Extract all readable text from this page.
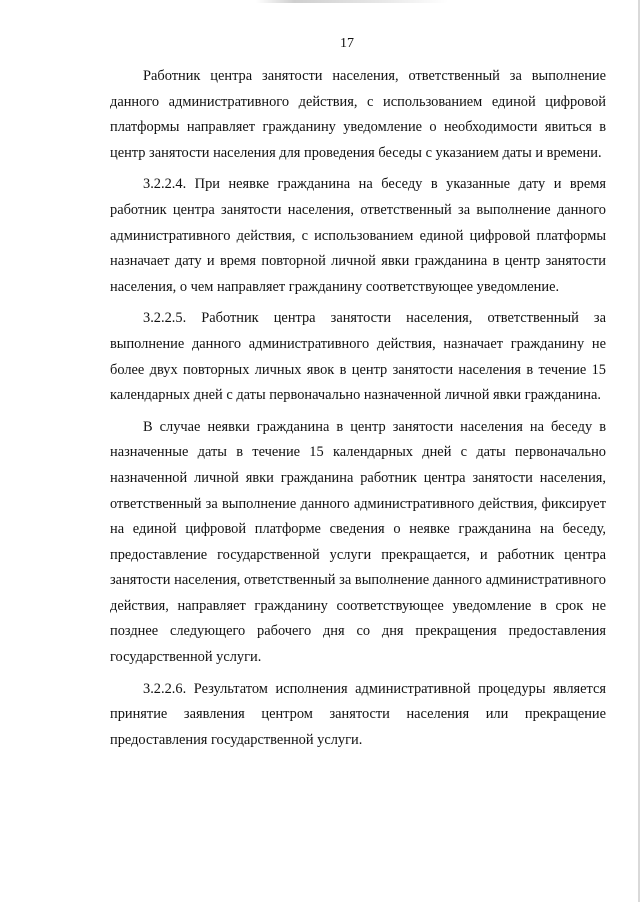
17

Работник центра занятости населения, ответственный за выполнение данного административного действия, с использованием единой цифровой платформы направляет гражданину уведомление о необходимости явиться в центр занятости населения для проведения беседы с указанием даты и времени.

3.2.2.4. При неявке гражданина на беседу в указанные дату и время работник центра занятости населения, ответственный за выполнение данного административного действия, с использованием единой цифровой платформы назначает дату и время повторной личной явки гражданина в центр занятости населения, о чем направляет гражданину соответствующее уведомление.

3.2.2.5. Работник центра занятости населения, ответственный за выполнение данного административного действия, назначает гражданину не более двух повторных личных явок в центр занятости населения в течение 15 календарных дней с даты первоначально назначенной личной явки гражданина.

В случае неявки гражданина в центр занятости населения на беседу в назначенные даты в течение 15 календарных дней с даты первоначально назначенной личной явки гражданина работник центра занятости населения, ответственный за выполнение данного административного действия, фиксирует на единой цифровой платформе сведения о неявке гражданина на беседу, предоставление государственной услуги прекращается, и работник центра занятости населения, ответственный за выполнение данного административного действия, направляет гражданину соответствующее уведомление в срок не позднее следующего рабочего дня со дня прекращения предоставления государственной услуги.

3.2.2.6. Результатом исполнения административной процедуры является принятие заявления центром занятости населения или прекращение предоставления государственной услуги.
